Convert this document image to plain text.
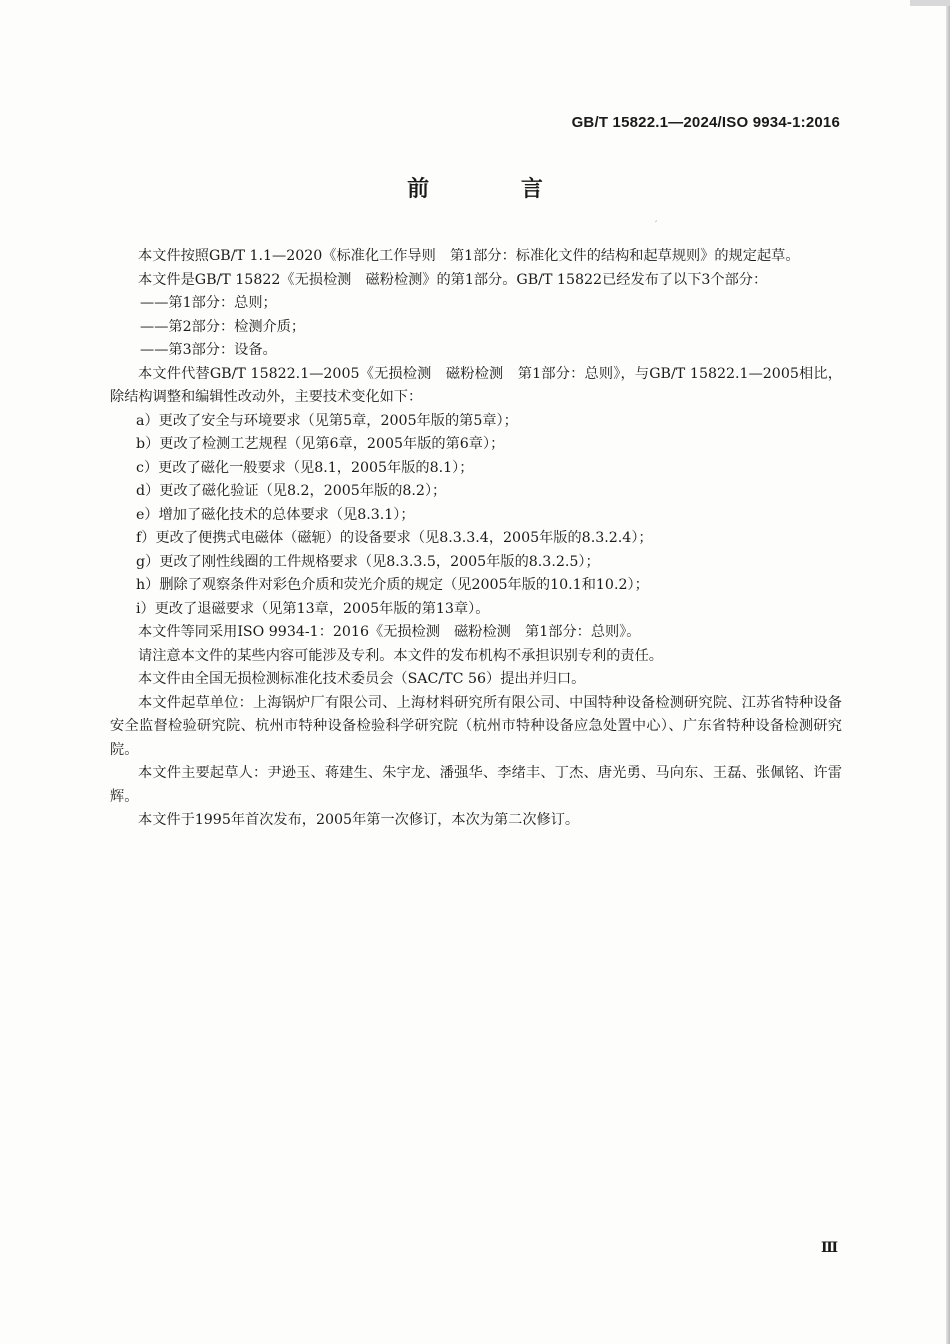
GB/T 15822.1—2024/ISO 9934-1:2016
前 言
′

本文件按照GB/T 1.1—2020《标准化工作导则　第1部分：标准化文件的结构和起草规则》的规定起草。

本文件是GB/T 15822《无损检测　磁粉检测》的第1部分。GB/T 15822已经发布了以下3个部分：

——第1部分：总则；

——第2部分：检测介质；

——第3部分：设备。

本文件代替GB/T 15822.1—2005《无损检测　磁粉检测　第1部分：总则》，与GB/T 15822.1—2005相比，除结构调整和编辑性改动外，主要技术变化如下：

a）更改了安全与环境要求（见第5章，2005年版的第5章）；

b）更改了检测工艺规程（见第6章，2005年版的第6章）；

c）更改了磁化一般要求（见8.1，2005年版的8.1）；

d）更改了磁化验证（见8.2，2005年版的8.2）；

e）增加了磁化技术的总体要求（见8.3.1）；

f）更改了便携式电磁体（磁轭）的设备要求（见8.3.3.4，2005年版的8.3.2.4）；

g）更改了刚性线圈的工件规格要求（见8.3.3.5，2005年版的8.3.2.5）；

h）删除了观察条件对彩色介质和荧光介质的规定（见2005年版的10.1和10.2）；

i）更改了退磁要求（见第13章，2005年版的第13章）。

本文件等同采用ISO 9934-1：2016《无损检测　磁粉检测　第1部分：总则》。

请注意本文件的某些内容可能涉及专利。本文件的发布机构不承担识别专利的责任。

本文件由全国无损检测标准化技术委员会（SAC/TC 56）提出并归口。

本文件起草单位：上海锅炉厂有限公司、上海材料研究所有限公司、中国特种设备检测研究院、江苏省特种设备安全监督检验研究院、杭州市特种设备检验科学研究院（杭州市特种设备应急处置中心）、广东省特种设备检测研究院。

本文件主要起草人：尹逊玉、蒋建生、朱宇龙、潘强华、李绪丰、丁杰、唐光勇、马向东、王磊、张佩铭、许雷辉。

本文件于1995年首次发布，2005年第一次修订，本次为第二次修订。

Ⅲ
